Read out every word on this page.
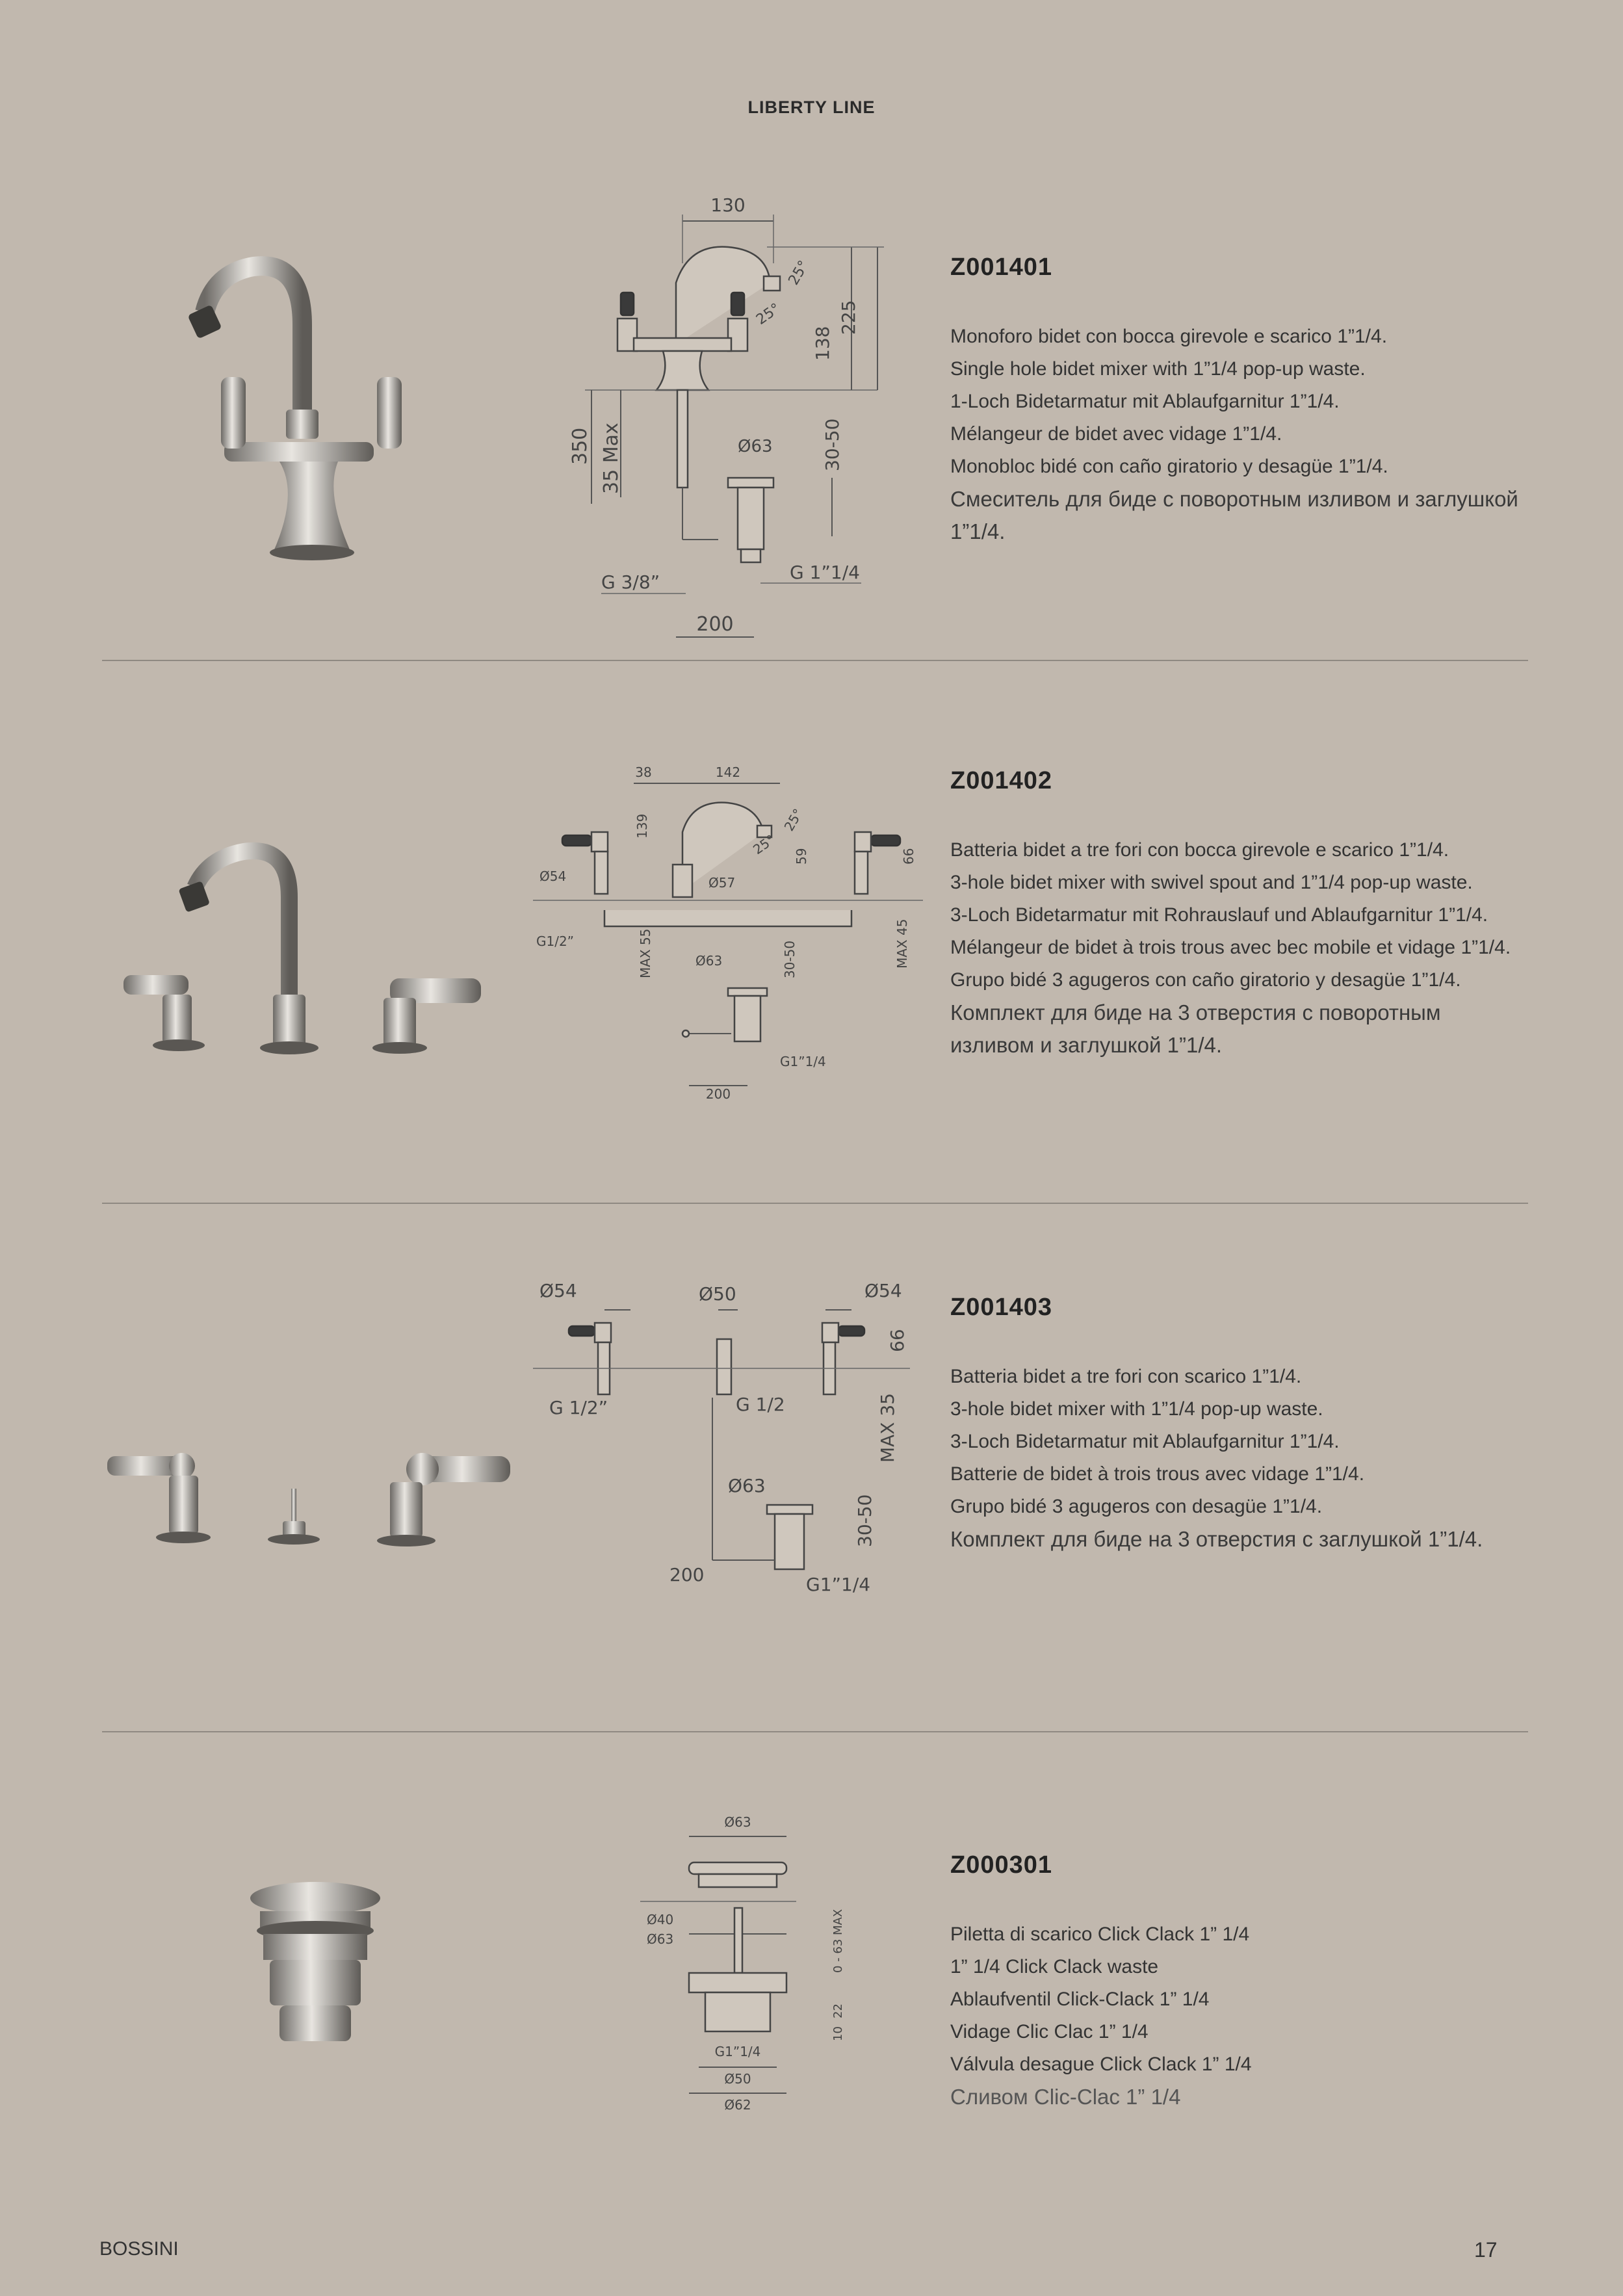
LIBERTY LINE
130
25°
25°
138
225
350 35 Max	Ø63	30-50
G 3/8”	G 1”1/4
200
Z001401
Monoforo bidet con bocca girevole e scarico 1”1/4.
Single hole bidet mixer with 1”1/4 pop-up waste.
1-Loch Bidetarmatur mit Ablaufgarnitur 1”1/4.
Mélangeur de bidet avec vidage 1”1/4.
Monobloc bidé con caño giratorio y desagüe 1”1/4.
Смеситель для биде с поворотным изливом и заглушкой
1”1/4.
38	142
139	25°
25° 59	66
Ø54	Ø57
G1/2”	MAX 55	MAX 45
Ø63	30-50
G1”1/4
200
Z001402
Batteria bidet a tre fori con bocca girevole e scarico 1”1/4.
3-hole bidet mixer with swivel spout and 1”1/4 pop-up waste.
3-Loch Bidetarmatur mit Rohrauslauf und Ablaufgarnitur 1”1/4.
Mélangeur de bidet à trois trous avec bec mobile et vidage 1”1/4.
Grupo bidé 3 agugeros con caño giratorio y desagüe 1”1/4.
Комплект для биде на 3 отверстия с поворотным
изливом и заглушкой 1”1/4.
Ø54	Ø50	Ø54
66
G 1/2”	G 1/2	MAX 35
Ø63
30-50
200	G1”1/4
Z001403
Batteria bidet a tre fori con scarico 1”1/4.
3-hole bidet mixer with 1”1/4 pop-up waste.
3-Loch Bidetarmatur mit Ablaufgarnitur 1”1/4.
Batterie de bidet à trois trous avec vidage 1”1/4.
Grupo bidé 3 agugeros con desagüe 1”1/4.
Комплект для биде на 3 отверстия с заглушкой 1”1/4.
Ø63
Ø40
Ø63	0 - 63 MAX
22
10
G1”1/4
Ø50
Ø62
Z000301
Piletta di scarico Click Clack 1” 1/4
1” 1/4 Click Clack waste
Ablaufventil Click-Clack 1” 1/4
Vidage Clic Clac 1” 1/4
Válvula desague Click Clack 1” 1/4
Сливом Clic-Clac 1” 1/4
BOSSINI	17
